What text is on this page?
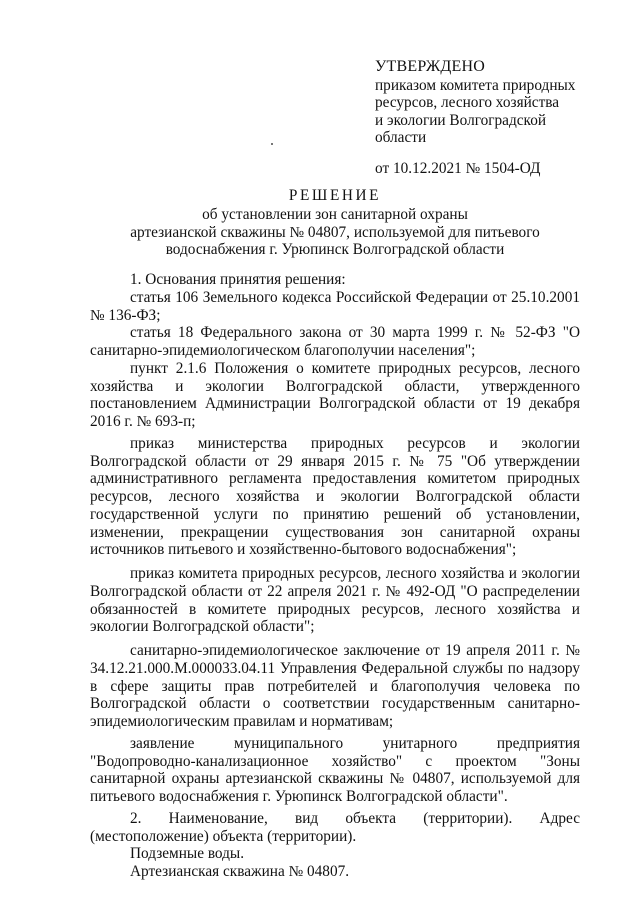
УТВЕРЖДЕНО
приказом комитета природных
ресурсов, лесного хозяйства
и экологии Волгоградской
области
от 10.12.2021 № 1504-ОД
РЕШЕНИЕ
об установлении зон санитарной охраны
артезианской скважины № 04807, используемой для питьевого
водоснабжения г. Урюпинск Волгоградской области

1. Основания принятия решения:

статья 106 Земельного кодекса Российской Федерации от 25.10.2001 № 136-ФЗ;

статья 18 Федерального закона от 30 марта 1999 г. № 52-ФЗ "О санитарно-эпидемиологическом благополучии населения";

пункт 2.1.6 Положения о комитете природных ресурсов, лесного хозяйства и экологии Волгоградской области, утвержденного постановлением Администрации Волгоградской области от 19 декабря 2016 г. № 693-п;

приказ министерства природных ресурсов и экологии Волгоградской области от 29 января 2015 г. № 75 "Об утверждении административного регламента предоставления комитетом природных ресурсов, лесного хозяйства и экологии Волгоградской области государственной услуги по принятию решений об установлении, изменении, прекращении существования зон санитарной охраны источников питьевого и хозяйственно-бытового водоснабжения";

приказ комитета природных ресурсов, лесного хозяйства и экологии Волгоградской области от 22 апреля 2021 г. № 492-ОД "О распределении обязанностей в комитете природных ресурсов, лесного хозяйства и экологии Волгоградской области";

санитарно-эпидемиологическое заключение от 19 апреля 2011 г. № 34.12.21.000.М.000033.04.11 Управления Федеральной службы по надзору в сфере защиты прав потребителей и благополучия человека по Волгоградской области о соответствии государственным санитарно-эпидемиологическим правилам и нормативам;

заявление муниципального унитарного предприятия "Водопроводно-канализационное хозяйство" с проектом "Зоны санитарной охраны артезианской скважины № 04807, используемой для питьевого водоснабжения г. Урюпинск Волгоградской области".

2. Наименование, вид объекта (территории). Адрес (местоположение) объекта (территории).

Подземные воды.

Артезианская скважина № 04807.
